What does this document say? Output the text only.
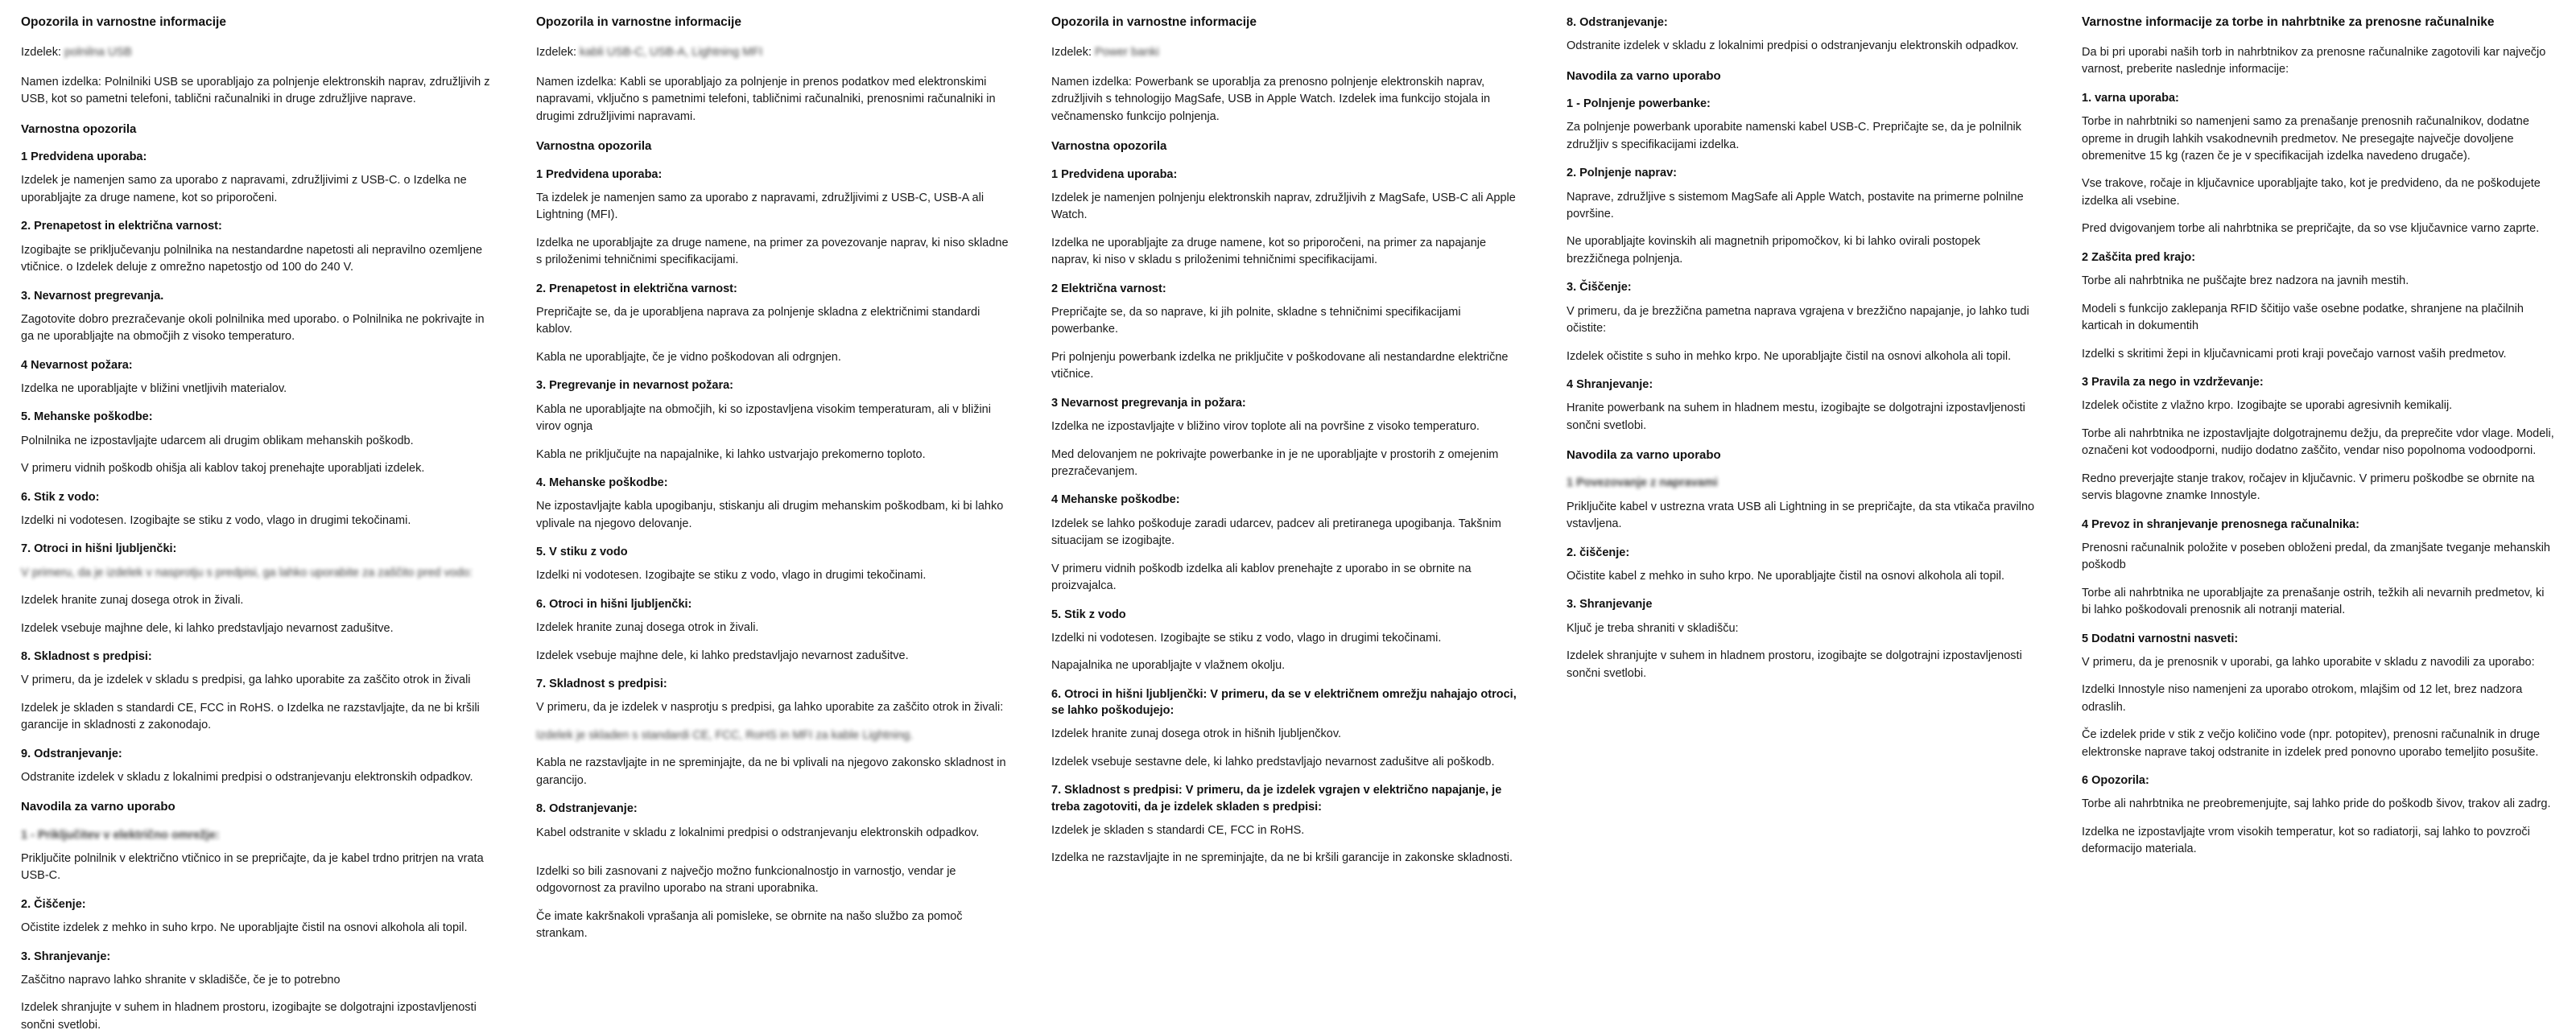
Opozorila in varnostne informacije
Izdelek: polnilna USB
Namen izdelka: Polnilniki USB se uporabljajo za polnjenje elektronskih naprav, združljivih z USB, kot so pametni telefoni, tablični računalniki in druge združljive naprave.
Varnostna opozorila
1 Predvidena uporaba:
Izdelek je namenjen samo za uporabo z napravami, združljivimi z USB-C. o Izdelka ne uporabljajte za druge namene, kot so priporočeni.
2. Prenapetost in električna varnost:
Izogibajte se priključevanju polnilnika na nestandardne napetosti ali nepravilno ozemljene vtičnice. o Izdelek deluje z omrežno napetostjo od 100 do 240 V.
3. Nevarnost pregrevanja.
Zagotovite dobro prezračevanje okoli polnilnika med uporabo. o Polnilnika ne pokrivajte in ga ne uporabljajte na območjih z visoko temperaturo.
4 Nevarnost požara:
Izdelka ne uporabljajte v bližini vnetljivih materialov.
5. Mehanske poškodbe:
Polnilnika ne izpostavljajte udarcem ali drugim oblikam mehanskih poškodb.
V primeru vidnih poškodb ohišja ali kablov takoj prenehajte uporabljati izdelek.
6. Stik z vodo:
Izdelki ni vodotesen. Izogibajte se stiku z vodo, vlago in drugimi tekočinami.
7. Otroci in hišni ljubljenčki:
V primeru, da je izdelek v nasprotju s predpisi, ga lahko uporabite za zaščito pred vodo:
Izdelek hranite zunaj dosega otrok in živali.
Izdelek vsebuje majhne dele, ki lahko predstavljajo nevarnost zadušitve.
8. Skladnost s predpisi:
V primeru, da je izdelek v skladu s predpisi, ga lahko uporabite za zaščito otrok in živali
Izdelek je skladen s standardi CE, FCC in RoHS. o Izdelka ne razstavljajte, da ne bi kršili garancije in skladnosti z zakonodajo.
9. Odstranjevanje:
Odstranite izdelek v skladu z lokalnimi predpisi o odstranjevanju elektronskih odpadkov.
Navodila za varno uporabo
1 - Priključitev v električno omrežje:
Priključite polnilnik v električno vtičnico in se prepričajte, da je kabel trdno pritrjen na vrata USB-C.
2. Čiščenje:
Očistite izdelek z mehko in suho krpo. Ne uporabljajte čistil na osnovi alkohola ali topil.
3. Shranjevanje:
Zaščitno napravo lahko shranite v skladišče, če je to potrebno
Izdelek shranjujte v suhem in hladnem prostoru, izogibajte se dolgotrajni izpostavljenosti sončni svetlobi.
Opozorila in varnostne informacije
Izdelek: kabli USB-C, USB-A, Lightning MFI
Namen izdelka: Kabli se uporabljajo za polnjenje in prenos podatkov med elektronskimi napravami, vključno s pametnimi telefoni, tabličnimi računalniki, prenosnimi računalniki in drugimi združljivimi napravami.
Varnostna opozorila
1 Predvidena uporaba:
Ta izdelek je namenjen samo za uporabo z napravami, združljivimi z USB-C, USB-A ali Lightning (MFI).
Izdelka ne uporabljajte za druge namene, na primer za povezovanje naprav, ki niso skladne s priloženimi tehničnimi specifikacijami.
2. Prenapetost in električna varnost:
Prepričajte se, da je uporabljena naprava za polnjenje skladna z električnimi standardi kablov.
Kabla ne uporabljajte, če je vidno poškodovan ali odrgnjen.
3. Pregrevanje in nevarnost požara:
Kabla ne uporabljajte na območjih, ki so izpostavljena visokim temperaturam, ali v bližini virov ognja
Kabla ne priključujte na napajalnike, ki lahko ustvarjajo prekomerno toploto.
4. Mehanske poškodbe:
Ne izpostavljajte kabla upogibanju, stiskanju ali drugim mehanskim poškodbam, ki bi lahko vplivale na njegovo delovanje.
5. V stiku z vodo
Izdelki ni vodotesen. Izogibajte se stiku z vodo, vlago in drugimi tekočinami.
6. Otroci in hišni ljubljenčki:
Izdelek hranite zunaj dosega otrok in živali.
Izdelek vsebuje majhne dele, ki lahko predstavljajo nevarnost zadušitve.
7. Skladnost s predpisi:
V primeru, da je izdelek v nasprotju s predpisi, ga lahko uporabite za zaščito otrok in živali:
Izdelek je skladen s standardi CE, FCC, RoHS in MFI za kable Lightning.
Kabla ne razstavljajte in ne spreminjajte, da ne bi vplivali na njegovo zakonsko skladnost in garancijo.
8. Odstranjevanje:
Kabel odstranite v skladu z lokalnimi predpisi o odstranjevanju elektronskih odpadkov.
Izdelki so bili zasnovani z največjo možno funkcionalnostjo in varnostjo, vendar je odgovornost za pravilno uporabo na strani uporabnika.
Če imate kakršnakoli vprašanja ali pomisleke, se obrnite na našo službo za pomoč strankam.
Opozorila in varnostne informacije
Izdelek: Power banki
Namen izdelka: Powerbank se uporablja za prenosno polnjenje elektronskih naprav, združljivih s tehnologijo MagSafe, USB in Apple Watch. Izdelek ima funkcijo stojala in večnamensko funkcijo polnjenja.
Varnostna opozorila
1 Predvidena uporaba:
Izdelek je namenjen polnjenju elektronskih naprav, združljivih z MagSafe, USB-C ali Apple Watch.
Izdelka ne uporabljajte za druge namene, kot so priporočeni, na primer za napajanje naprav, ki niso v skladu s priloženimi tehničnimi specifikacijami.
2 Električna varnost:
Prepričajte se, da so naprave, ki jih polnite, skladne s tehničnimi specifikacijami powerbanke.
Pri polnjenju powerbank izdelka ne priključite v poškodovane ali nestandardne električne vtičnice.
3 Nevarnost pregrevanja in požara:
Izdelka ne izpostavljajte v bližino virov toplote ali na površine z visoko temperaturo.
Med delovanjem ne pokrivajte powerbanke in je ne uporabljajte v prostorih z omejenim prezračevanjem.
4 Mehanske poškodbe:
Izdelek se lahko poškoduje zaradi udarcev, padcev ali pretiranega upogibanja. Takšnim situacijam se izogibajte.
V primeru vidnih poškodb izdelka ali kablov prenehajte z uporabo in se obrnite na proizvajalca.
5. Stik z vodo
Izdelki ni vodotesen. Izogibajte se stiku z vodo, vlago in drugimi tekočinami.
Napajalnika ne uporabljajte v vlažnem okolju.
6. Otroci in hišni ljubljenčki: V primeru, da se v električnem omrežju nahajajo otroci, se lahko poškodujejo:
Izdelek hranite zunaj dosega otrok in hišnih ljubljenčkov.
Izdelek vsebuje sestavne dele, ki lahko predstavljajo nevarnost zadušitve ali poškodb.
7. Skladnost s predpisi: V primeru, da je izdelek vgrajen v električno napajanje, je treba zagotoviti, da je izdelek skladen s predpisi:
Izdelek je skladen s standardi CE, FCC in RoHS.
Izdelka ne razstavljajte in ne spreminjajte, da ne bi kršili garancije in zakonske skladnosti.
8. Odstranjevanje:
Odstranite izdelek v skladu z lokalnimi predpisi o odstranjevanju elektronskih odpadkov.
Navodila za varno uporabo
1 - Polnjenje powerbanke:
Za polnjenje powerbank uporabite namenski kabel USB-C. Prepričajte se, da je polnilnik združljiv s specifikacijami izdelka.
2. Polnjenje naprav:
Naprave, združljive s sistemom MagSafe ali Apple Watch, postavite na primerne polnilne površine.
Ne uporabljajte kovinskih ali magnetnih pripomočkov, ki bi lahko ovirali postopek brezžičnega polnjenja.
3. Čiščenje:
V primeru, da je brezžična pametna naprava vgrajena v brezžično napajanje, jo lahko tudi očistite:
Izdelek očistite s suho in mehko krpo. Ne uporabljajte čistil na osnovi alkohola ali topil.
4 Shranjevanje:
Hranite powerbank na suhem in hladnem mestu, izogibajte se dolgotrajni izpostavljenosti sončni svetlobi.
Navodila za varno uporabo
1 Povezovanje z napravami
Priključite kabel v ustrezna vrata USB ali Lightning in se prepričajte, da sta vtikača pravilno vstavljena.
2. čiščenje:
Očistite kabel z mehko in suho krpo. Ne uporabljajte čistil na osnovi alkohola ali topil.
3. Shranjevanje
Ključ je treba shraniti v skladišču:
Izdelek shranjujte v suhem in hladnem prostoru, izogibajte se dolgotrajni izpostavljenosti sončni svetlobi.
Varnostne informacije za torbe in nahrbtnike za prenosne računalnike
Da bi pri uporabi naših torb in nahrbtnikov za prenosne računalnike zagotovili kar največjo varnost, preberite naslednje informacije:
1. varna uporaba:
Torbe in nahrbtniki so namenjeni samo za prenašanje prenosnih računalnikov, dodatne opreme in drugih lahkih vsakodnevnih predmetov. Ne presegajte največje dovoljene obremenitve 15 kg (razen če je v specifikacijah izdelka navedeno drugače).
Vse trakove, ročaje in ključavnice uporabljajte tako, kot je predvideno, da ne poškodujete izdelka ali vsebine.
Pred dvigovanjem torbe ali nahrbtnika se prepričajte, da so vse ključavnice varno zaprte.
2 Zaščita pred krajo:
Torbe ali nahrbtnika ne puščajte brez nadzora na javnih mestih.
Modeli s funkcijo zaklepanja RFID ščitijo vaše osebne podatke, shranjene na plačilnih karticah in dokumentih
Izdelki s skritimi žepi in ključavnicami proti kraji povečajo varnost vaših predmetov.
3 Pravila za nego in vzdrževanje:
Izdelek očistite z vlažno krpo. Izogibajte se uporabi agresivnih kemikalij.
Torbe ali nahrbtnika ne izpostavljajte dolgotrajnemu dežju, da preprečite vdor vlage. Modeli, označeni kot vodoodporni, nudijo dodatno zaščito, vendar niso popolnoma vodoodporni.
Redno preverjajte stanje trakov, ročajev in ključavnic. V primeru poškodbe se obrnite na servis blagovne znamke Innostyle.
4 Prevoz in shranjevanje prenosnega računalnika:
Prenosni računalnik položite v poseben obloženi predal, da zmanjšate tveganje mehanskih poškodb
Torbe ali nahrbtnika ne uporabljajte za prenašanje ostrih, težkih ali nevarnih predmetov, ki bi lahko poškodovali prenosnik ali notranji material.
5 Dodatni varnostni nasveti:
V primeru, da je prenosnik v uporabi, ga lahko uporabite v skladu z navodili za uporabo:
Izdelki Innostyle niso namenjeni za uporabo otrokom, mlajšim od 12 let, brez nadzora odraslih.
Če izdelek pride v stik z večjo količino vode (npr. potopitev), prenosni računalnik in druge elektronske naprave takoj odstranite in izdelek pred ponovno uporabo temeljito posušite.
6 Opozorila:
Torbe ali nahrbtnika ne preobremenjujte, saj lahko pride do poškodb šivov, trakov ali zadrg.
Izdelka ne izpostavljajte vrom visokih temperatur, kot so radiatorji, saj lahko to povzroči deformacijo materiala.
